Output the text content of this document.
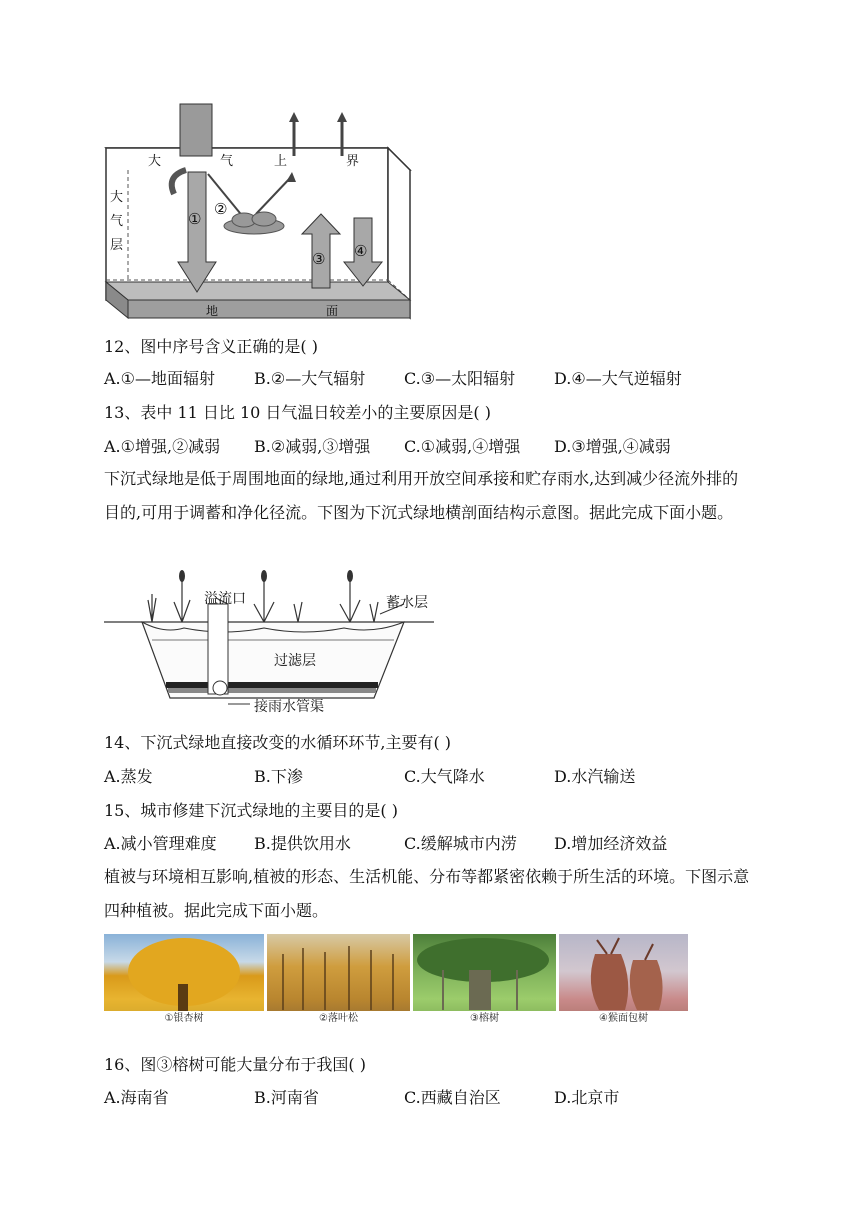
大	气	上	界
大
气
层
①
②
③ ④
地	面
12、图中序号含义正确的是( )
A.①—地面辐射 B.②—大气辐射 C.③—太阳辐射 D.④—大气逆辐射
13、表中 11 日比 10 日气温日较差小的主要原因是( )
A.①增强,②减弱 B.②减弱,③增强 C.①减弱,④增强 D.③增强,④减弱
下沉式绿地是低于周围地面的绿地,通过利用开放空间承接和贮存雨水,达到减少径流外排的目的,可用于调蓄和净化径流。下图为下沉式绿地横剖面结构示意图。据此完成下面小题。
溢流口	蓄水层
过滤层
接雨水管渠
14、下沉式绿地直接改变的水循环环节,主要有( )
A.蒸发	B.下渗	C.大气降水	D.水汽输送
15、城市修建下沉式绿地的主要目的是( )
A.减小管理难度 B.提供饮用水	C.缓解城市内涝 D.增加经济效益
植被与环境相互影响,植被的形态、生活机能、分布等都紧密依赖于所生活的环境。下图示意四种植被。据此完成下面小题。
①银杏树	②落叶松	③榕树	④猴面包树
16、图③榕树可能大量分布于我国( )
A.海南省	B.河南省	C.西藏自治区	D.北京市
